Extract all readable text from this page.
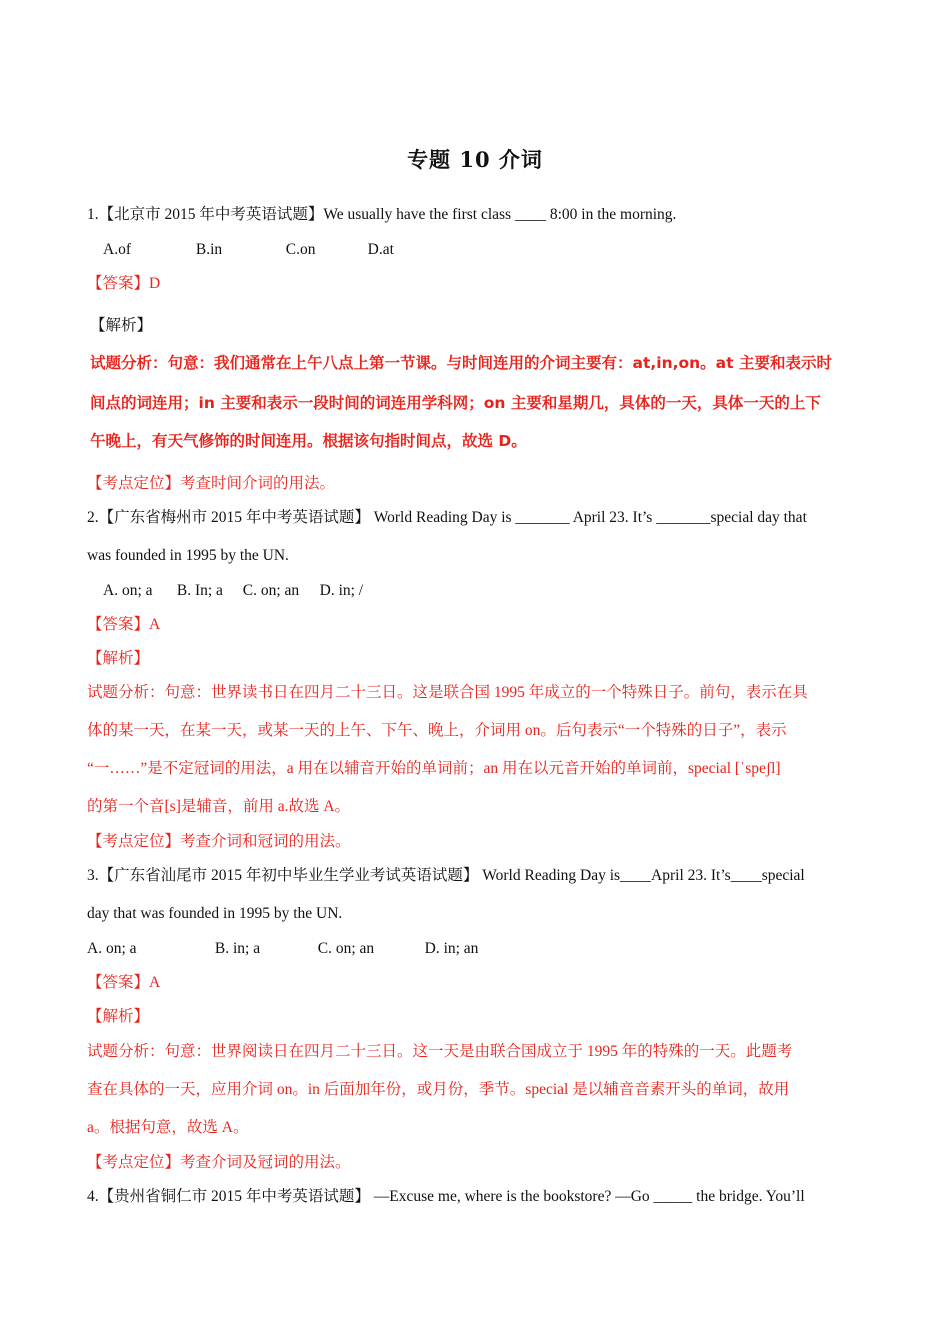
专题 10 介词
1.【北京市 2015 年中考英语试题】We usually have the first class ____ 8:00 in the morning.
A.of	B.in	C.on	D.at
【答案】D
【解析】
试题分析：句意：我们通常在上午八点上第一节课。与时间连用的介词主要有：at,in,on。at 主要和表示时
间点的词连用；in 主要和表示一段时间的词连用学科网；on 主要和星期几，具体的一天，具体一天的上下
午晚上，有天气修饰的时间连用。根据该句指时间点，故选 D。
【考点定位】考查时间介词的用法。
2.【广东省梅州市 2015 年中考英语试题】 World Reading Day is _______ April 23. It’s _______special day that
was founded in 1995 by the UN.
A. on; a B. In; a C. on; an D. in; /
【答案】A
【解析】
试题分析：句意：世界读书日在四月二十三日。这是联合国 1995 年成立的一个特殊日子。前句，表示在具
体的某一天，在某一天，或某一天的上午、下午、晚上，介词用 on。后句表示“一个特殊的日子”，表示
“一……”是不定冠词的用法，a 用在以辅音开始的单词前；an 用在以元音开始的单词前，special [ˈspeʃl]
的第一个音[s]是辅音，前用 a.故选 A。
【考点定位】考查介词和冠词的用法。
3.【广东省汕尾市 2015 年初中毕业生学业考试英语试题】 World Reading Day is____April 23. It’s____special
day that was founded in 1995 by the UN.
A. on; a	B. in; a	C. on; an	D. in; an
【答案】A
【解析】
试题分析：句意：世界阅读日在四月二十三日。这一天是由联合国成立于 1995 年的特殊的一天。此题考
查在具体的一天，应用介词 on。in 后面加年份，或月份，季节。special 是以辅音音素开头的单词，故用
a。根据句意，故选 A。
【考点定位】考查介词及冠词的用法。
4.【贵州省铜仁市 2015 年中考英语试题】 —Excuse me, where is the bookstore? —Go _____ the bridge. You’ll
